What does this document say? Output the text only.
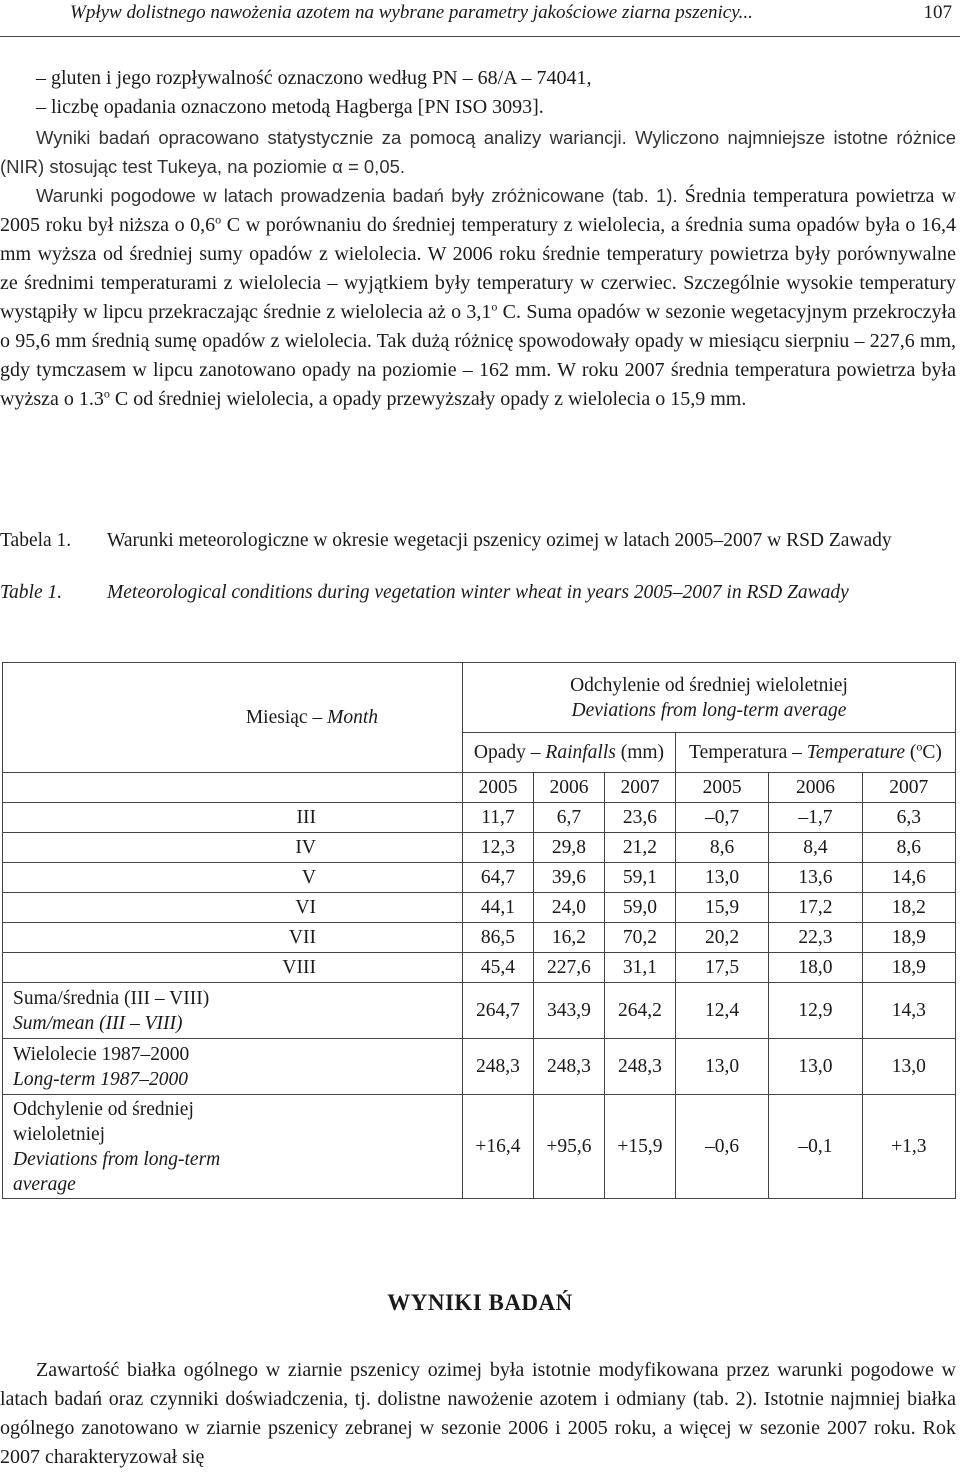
Wpływ dolistnego nawożenia azotem na wybrane parametry jakościowe ziarna pszenicy...	107
– gluten i jego rozpływalność oznaczono według PN – 68/A – 74041,
– liczbę opadania oznaczono metodą Hagberga [PN ISO 3093].
Wyniki badań opracowano statystycznie za pomocą analizy wariancji. Wyliczono najmniejsze istotne różnice (NIR) stosując test Tukeya, na poziomie α = 0,05.
Warunki pogodowe w latach prowadzenia badań były zróżnicowane (tab. 1). Średnia temperatura powietrza w 2005 roku był niższa o 0,6$^o$ C w porównaniu do średniej temperatury z wielolecia, a średnia suma opadów była o 16,4 mm wyższa od średniej sumy opadów z wielolecia. W 2006 roku średnie temperatury powietrza były porównywalne ze średnimi temperaturami z wielolecia – wyjątkiem były temperatury w czerwiec. Szczególnie wysokie temperatury wystąpiły w lipcu przekraczając średnie z wielolecia aż o 3,1$^o$ C. Suma opadów w sezonie wegetacyjnym przekroczyła o 95,6 mm średnią sumę opadów z wielolecia. Tak dużą różnicę spowodowały opady w miesiącu sierpniu – 227,6 mm, gdy tymczasem w lipcu zanotowano opady na poziomie – 162 mm. W roku 2007 średnia temperatura powietrza była wyższa o 1.3$^o$ C od średniej wielolecia, a opady przewyższały opady z wielolecia o 15,9 mm.
Tabela 1.	Warunki meteorologiczne w okresie wegetacji pszenicy ozimej w latach 2005–2007 w RSD Zawady
Table 1.	Meteorological conditions during vegetation winter wheat in years 2005–2007 in RSD Zawady
Miesiąc – Month	Odchylenie od średniej wieloletniej
Deviations from long-term average					

	Opady – Rainfalls (mm)			Temperatura – Temperature ($^o$C)		
	2005	2006	2007	2005	2006	2007
III	11,7	6,7	23,6	–0,7	–1,7	6,3
IV	12,3	29,8	21,2	8,6	8,4	8,6
V	64,7	39,6	59,1	13,0	13,6	14,6
VI	44,1	24,0	59,0	15,9	17,2	18,2
VII	86,5	16,2	70,2	20,2	22,3	18,9
VIII	45,4	227,6	31,1	17,5	18,0	18,9

Suma/średnia (III – VIII)
Sum/mean (III – VIII)	264,7	343,9	264,2	12,4	12,9	14,3

Wielolecie 1987–2000
Long-term 1987–2000	248,3	248,3	248,3	13,0	13,0	13,0

Odchylenie od średniej wieloletniej
Deviations from long-term average	+16,4	+95,6	+15,9	–0,6	–0,1	+1,3
WYNIKI BADAŃ
Zawartość białka ogólnego w ziarnie pszenicy ozimej była istotnie modyfikowana przez warunki pogodowe w latach badań oraz czynniki doświadczenia, tj. dolistne nawożenie azotem i odmiany (tab. 2). Istotnie najmniej białka ogólnego zanotowano w ziarnie pszenicy zebranej w sezonie 2006 i 2005 roku, a więcej w sezonie 2007 roku. Rok 2007 charakteryzował się
